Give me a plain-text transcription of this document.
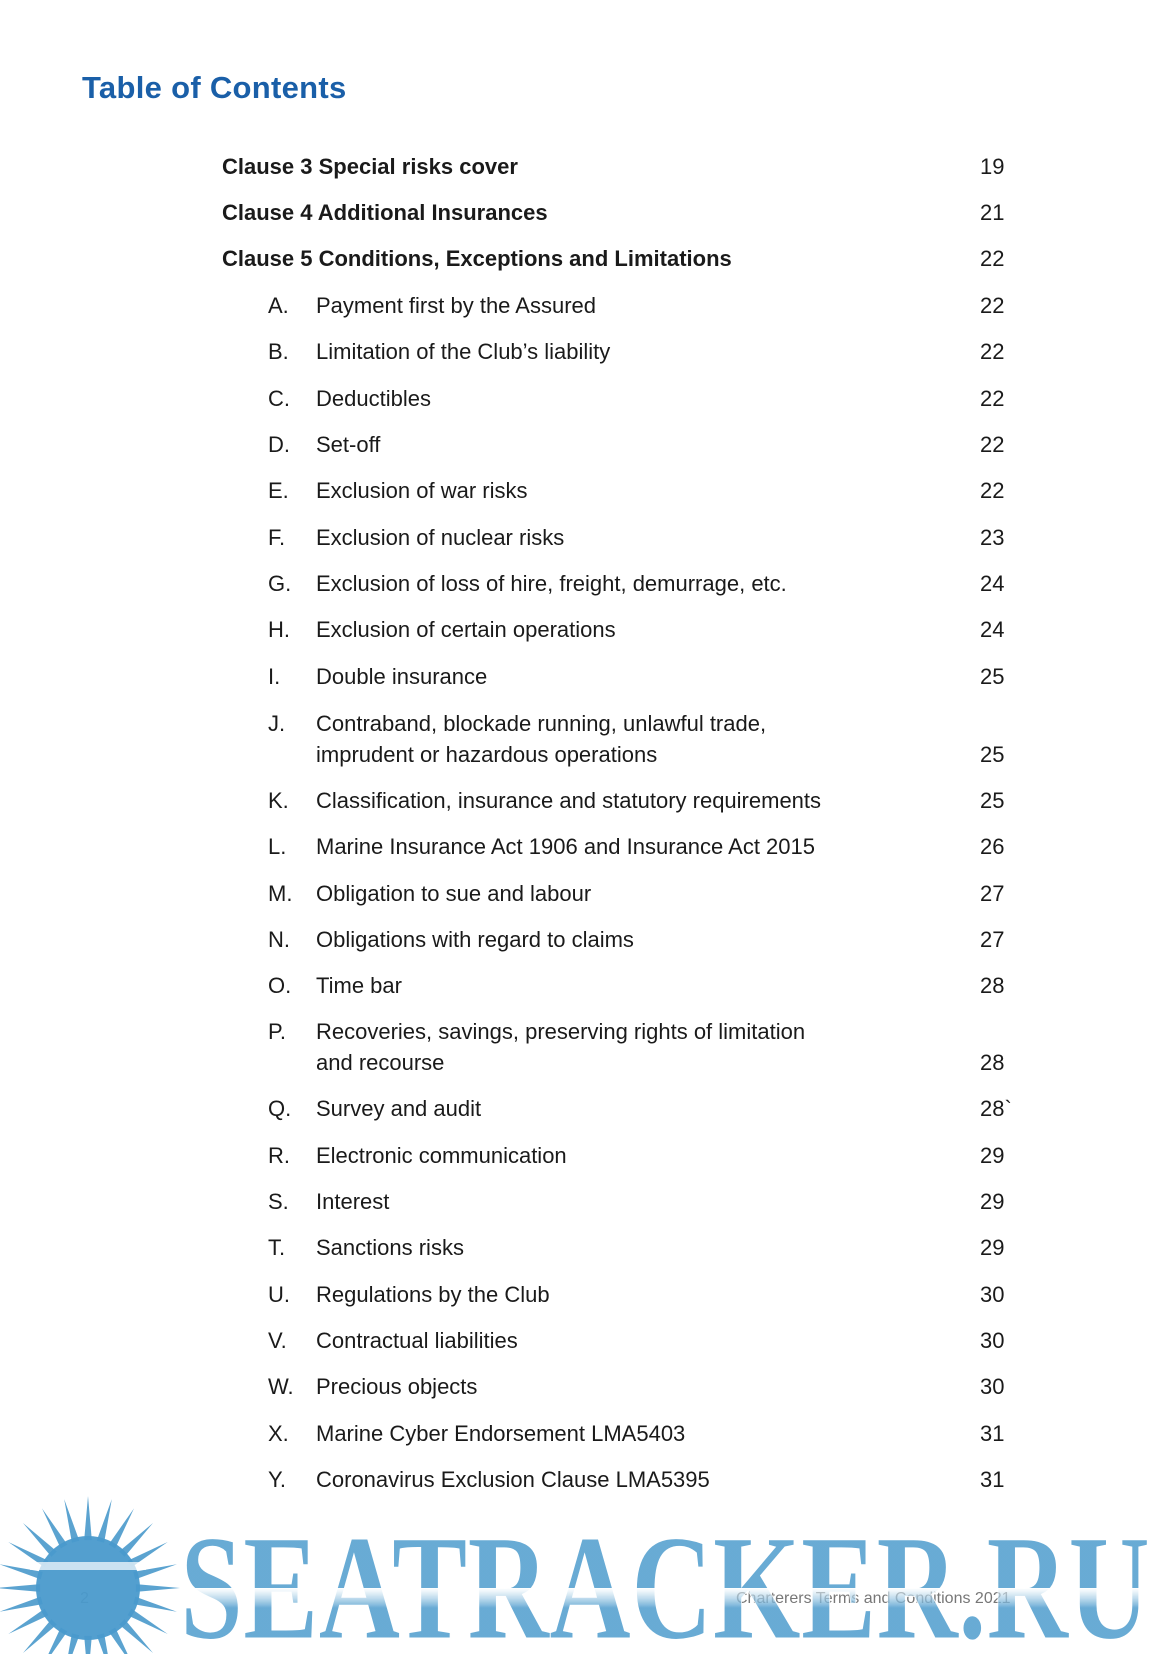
Table of Contents
Clause 3 Special risks cover	19
Clause 4 Additional Insurances	21
Clause 5 Conditions, Exceptions and Limitations	22
A. Payment first by the Assured	22
B. Limitation of the Club’s liability	22
C. Deductibles	22
D. Set-off	22
E. Exclusion of war risks	22
F. Exclusion of nuclear risks	23
G. Exclusion of loss of hire, freight, demurrage, etc.	24
H. Exclusion of certain operations	24
I. Double insurance	25
J. Contraband, blockade running, unlawful trade,
imprudent or hazardous operations	25
K. Classification, insurance and statutory requirements	25
L. Marine Insurance Act 1906 and Insurance Act 2015	26
M. Obligation to sue and labour	27
N. Obligations with regard to claims	27
O. Time bar	28
P. Recoveries, savings, preserving rights of limitation
and recourse	28
Q. Survey and audit	28`
R. Electronic communication	29
S. Interest	29
T. Sanctions risks	29
U. Regulations by the Club	30
V. Contractual liabilities	30
W. Precious objects	30
X. Marine Cyber Endorsement LMA5403	31
Y. Coronavirus Exclusion Clause LMA5395	31
Charterers Terms and Conditions 2021
SEATRACKER.RU
